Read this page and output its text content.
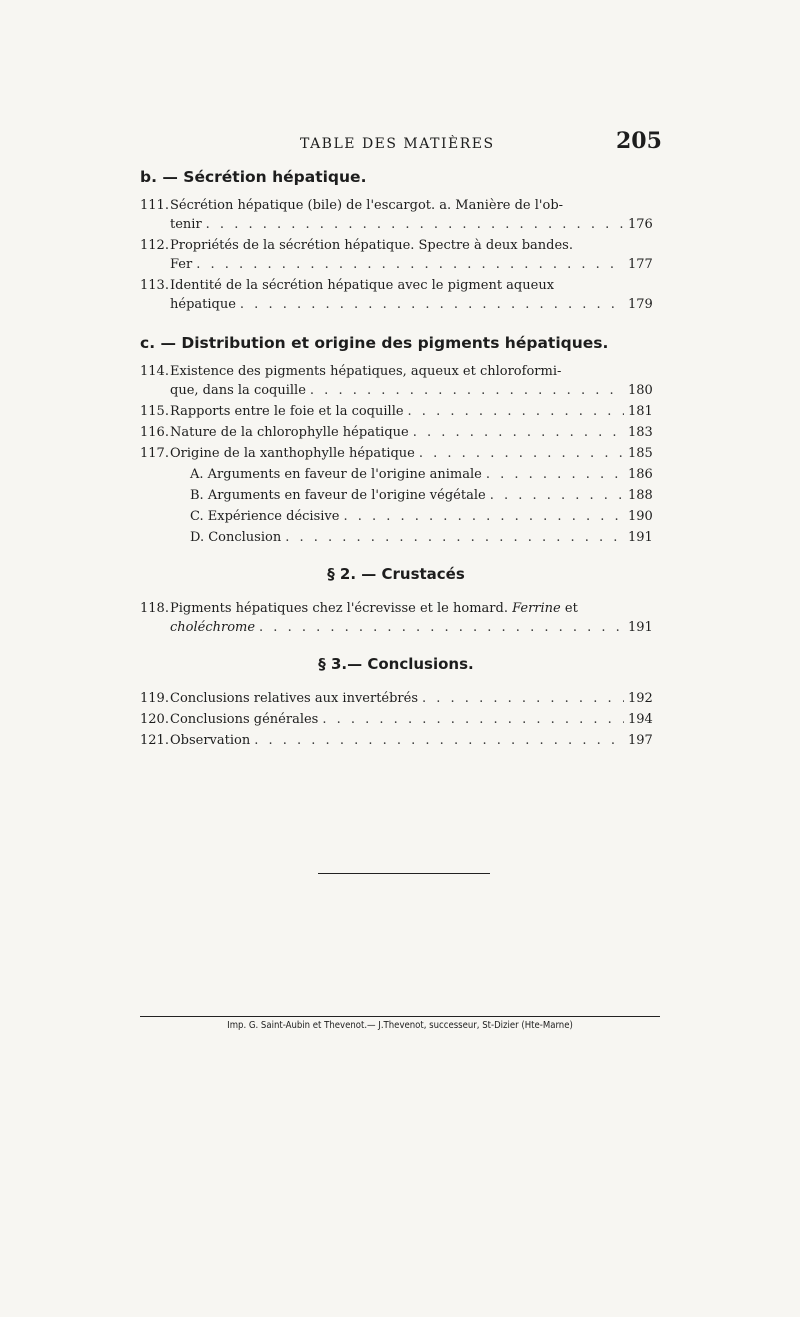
TABLE DES MATIÈRES	205
b. — Sécrétion hépatique.
111. Sécrétion hépatique (bile) de l'escargot. a. Manière de l'ob-
tenir . . .	176
112. Propriétés de la sécrétion hépatique. Spectre à deux bandes.
Fer . . .	177
113. Identité de la sécrétion hépatique avec le pigment aqueux
hépatique . . .	179
c. — Distribution et origine des pigments hépatiques.
114. Existence des pigments hépatiques, aqueux et chloroformi-
que, dans la coquille . . .	180
115. Rapports entre le foie et la coquille . . .	181
116. Nature de la chlorophylle hépatique . . .	183
117. Origine de la xanthophylle hépatique . . .	185
A. Arguments en faveur de l'origine animale . . .	186
B. Arguments en faveur de l'origine végétale . . .	188
C. Expérience décisive . . .	190
D. Conclusion . . .	191
§ 2. — Crustacés
118. Pigments hépatiques chez l'écrevisse et le homard. Ferrine et
choléchrome . . .	191
§ 3.— Conclusions.
119. Conclusions relatives aux invertébrés . . .	192
120. Conclusions générales . . .	194
121. Observation . . .	197
Imp. G. Saint-Aubin et Thevenot.— J.Thevenot, successeur, St-Dizier (Hte-Marne)
